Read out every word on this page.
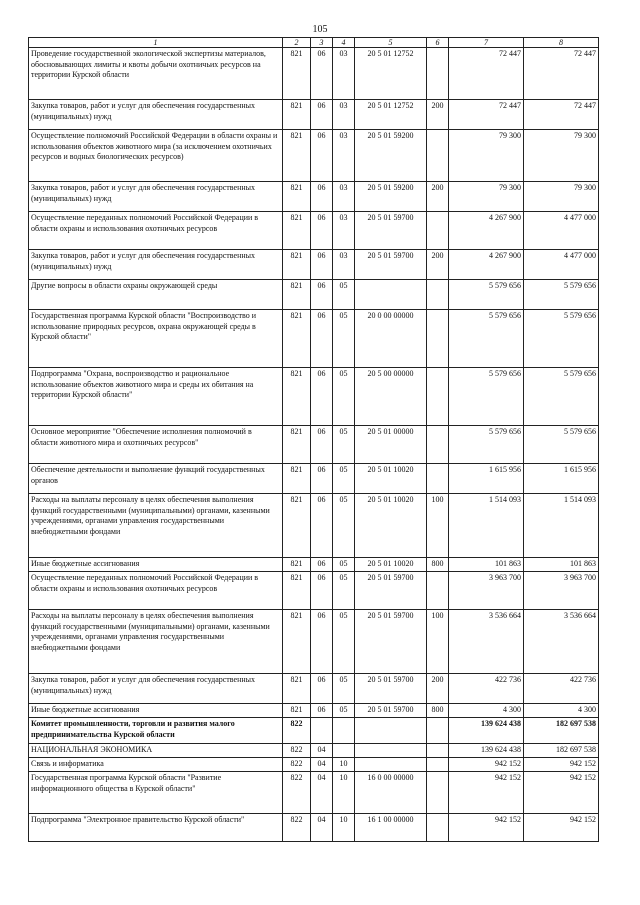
105
1	2	3	4	5	6	7	8
Проведение государственной экологической экспертизы материалов, обосновывающих лимиты и квоты добычи охотничьих ресурсов на территории Курской области	821	06	03	20 5 01 12752		72 447	72 447
Закупка товаров, работ и услуг для обеспечения государственных (муниципальных) нужд	821	06	03	20 5 01 12752	200	72 447	72 447
Осуществление полномочий Российской Федерации в области охраны и использования объектов животного мира (за исключением охотничьих ресурсов и водных биологических ресурсов)	821	06	03	20 5 01 59200		79 300	79 300
Закупка товаров, работ и услуг для обеспечения государственных (муниципальных) нужд	821	06	03	20 5 01 59200	200	79 300	79 300
Осуществление переданных полномочий Российской Федерации в области охраны и использования охотничьих ресурсов	821	06	03	20 5 01 59700		4 267 900	4 477 000
Закупка товаров, работ и услуг для обеспечения государственных (муниципальных) нужд	821	06	03	20 5 01 59700	200	4 267 900	4 477 000
Другие вопросы в области охраны окружающей среды	821	06	05			5 579 656	5 579 656
Государственная программа Курской области "Воспроизводство и использование природных ресурсов, охрана окружающей среды в Курской области"	821	06	05	20 0 00 00000		5 579 656	5 579 656
Подпрограмма "Охрана, воспроизводство и рациональное использование объектов животного мира и среды их обитания на территории Курской области"	821	06	05	20 5 00 00000		5 579 656	5 579 656
Основное мероприятие "Обеспечение исполнения полномочий в области животного мира и охотничьих ресурсов"	821	06	05	20 5 01 00000		5 579 656	5 579 656
Обеспечение деятельности и выполнение функций государственных органов	821	06	05	20 5 01 10020		1 615 956	1 615 956
Расходы на выплаты персоналу в целях обеспечения выполнения функций государственными (муниципальными) органами, казенными учреждениями, органами управления государственными внебюджетными фондами	821	06	05	20 5 01 10020	100	1 514 093	1 514 093
Иные бюджетные ассигнования	821	06	05	20 5 01 10020	800	101 863	101 863
Осуществление переданных полномочий Российской Федерации в области охраны и использования охотничьих ресурсов	821	06	05	20 5 01 59700		3 963 700	3 963 700
Расходы на выплаты персоналу в целях обеспечения выполнения функций государственными (муниципальными) органами, казенными учреждениями, органами управления государственными внебюджетными фондами	821	06	05	20 5 01 59700	100	3 536 664	3 536 664
Закупка товаров, работ и услуг для обеспечения государственных (муниципальных) нужд	821	06	05	20 5 01 59700	200	422 736	422 736
Иные бюджетные ассигнования	821	06	05	20 5 01 59700	800	4 300	4 300
Комитет промышленности, торговли и развития малого предпринимательства Курской области	822					139 624 438	182 697 538
НАЦИОНАЛЬНАЯ ЭКОНОМИКА	822	04				139 624 438	182 697 538
Связь и информатика	822	04	10			942 152	942 152
Государственная программа Курской области "Развитие информационного общества в Курской области"	822	04	10	16 0 00 00000		942 152	942 152
Подпрограмма "Электронное правительство Курской области"	822	04	10	16 1 00 00000		942 152	942 152
